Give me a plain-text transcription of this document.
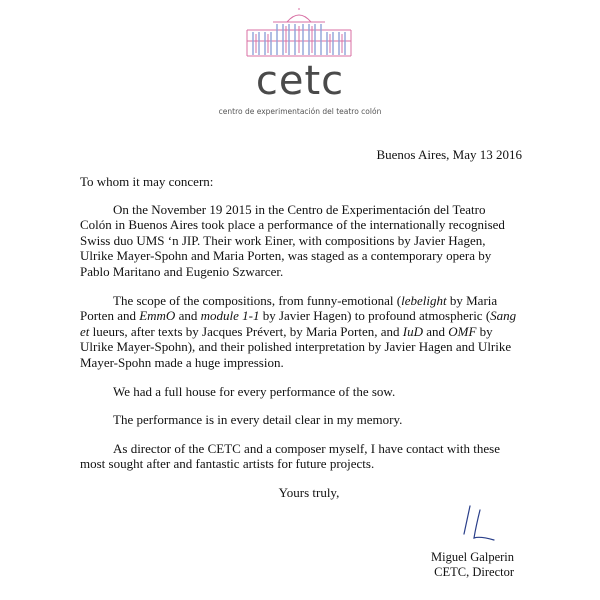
cetc
centro de experimentación del teatro colón
Buenos Aires, May 13 2016

To whom it may concern:

On the November 19 2015 in the Centro de Experimentación del Teatro Colón in Buenos Aires took place a performance of the internationally recognised Swiss duo UMS ‘n JIP. Their work Einer, with compositions by Javier Hagen, Ulrike Mayer-Spohn and Maria Porten, was staged as a contemporary opera by Pablo Maritano and Eugenio Szwarcer.

The scope of the compositions, from funny-emotional (lebelight by Maria Porten and EmmO and module 1-1 by Javier Hagen) to profound atmospheric (Sang et lueurs, after texts by Jacques Prévert, by Maria Porten, and IuD and OMF by Ulrike Mayer-Spohn), and their polished interpretation by Javier Hagen and Ulrike Mayer-Spohn made a huge impression.

We had a full house for every performance of the sow.

The performance is in every detail clear in my memory.

As director of the CETC and a composer myself, I have contact with these most sought after and fantastic artists for future projects.

Yours truly,

Miguel Galperin
CETC, Director
